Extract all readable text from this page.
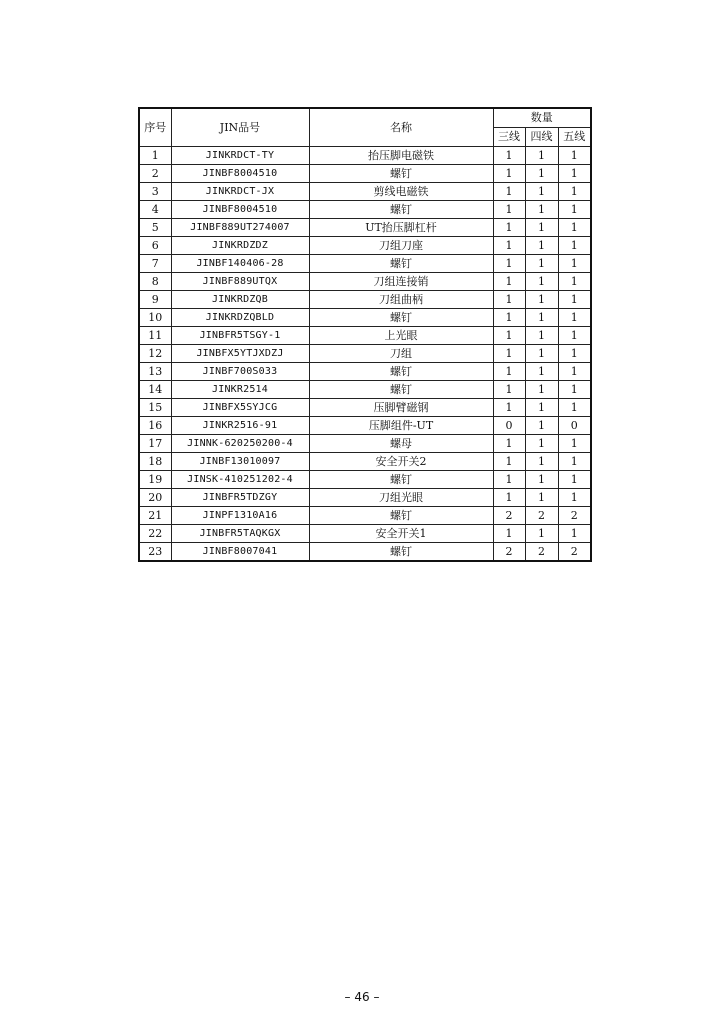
序号	JIN品号	名称	数量		
			三线	四线	五线
1	JINKRDCT-TY	抬压脚电磁铁	1	1	1
2	JINBF8004510	螺钉	1	1	1
3	JINKRDCT-JX	剪线电磁铁	1	1	1
4	JINBF8004510	螺钉	1	1	1
5	JINBF889UT274007	UT抬压脚杠杆	1	1	1
6	JINKRDZDZ	刀组刀座	1	1	1
7	JINBF140406-28	螺钉	1	1	1
8	JINBF889UTQX	刀组连接销	1	1	1
9	JINKRDZQB	刀组曲柄	1	1	1
10	JINKRDZQBLD	螺钉	1	1	1
11	JINBFR5TSGY-1	上光眼	1	1	1
12	JINBFX5YTJXDZJ	刀组	1	1	1
13	JINBF700S033	螺钉	1	1	1
14	JINKR2514	螺钉	1	1	1
15	JINBFX5SYJCG	压脚臂磁钢	1	1	1
16	JINKR2516-91	压脚组件-UT	0	1	0
17	JINNK-620250200-4	螺母	1	1	1
18	JINBF13010097	安全开关2	1	1	1
19	JINSK-410251202-4	螺钉	1	1	1
20	JINBFR5TDZGY	刀组光眼	1	1	1
21	JINPF1310A16	螺钉	2	2	2
22	JINBFR5TAQKGX	安全开关1	1	1	1
23	JINBF8007041	螺钉	2	2	2
– 46 –
